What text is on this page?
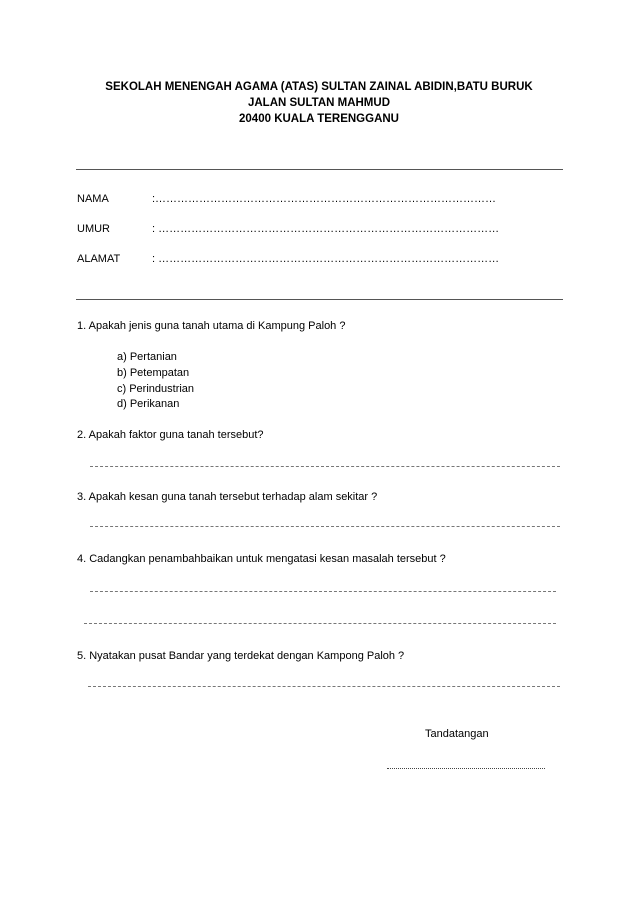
SEKOLAH MENENGAH AGAMA (ATAS) SULTAN ZAINAL ABIDIN,BATU BURUK
JALAN SULTAN MAHMUD
20400 KUALA TERENGGANU
NAMA	:…………………………………………………………………………………
UMUR	: …………………………………………………………………………………
ALAMAT	: …………………………………………………………………………………
1. Apakah jenis guna tanah utama di Kampung Paloh ?
a) Pertanian
b) Petempatan
c) Perindustrian
d) Perikanan
2. Apakah faktor guna tanah tersebut?
3. Apakah kesan guna tanah tersebut terhadap alam sekitar ?
4. Cadangkan penambahbaikan untuk mengatasi kesan masalah tersebut ?
5. Nyatakan pusat Bandar yang terdekat dengan Kampong Paloh ?
Tandatangan
